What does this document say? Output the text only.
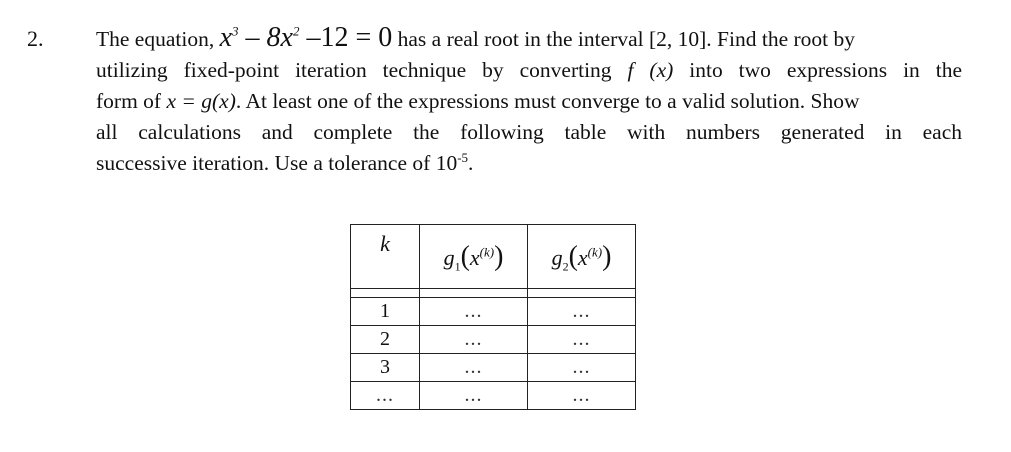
2. The equation, $x^3 - 8x^2$ –12 = 0 has a real root in the interval [2, 10]. Find the root by
utilizing fixed-point iteration technique by converting f (x) into two expressions in the
form of x = g(x). At least one of the expressions must converge to a valid solution. Show
all calculations and complete the following table with numbers generated in each
successive iteration. Use a tolerance of $10^{-5}$.
k	$g_1(x^{(k)})$	$g_2(x^{(k)})$

1	...	...
2	...	...
3	...	...
...	...	...
